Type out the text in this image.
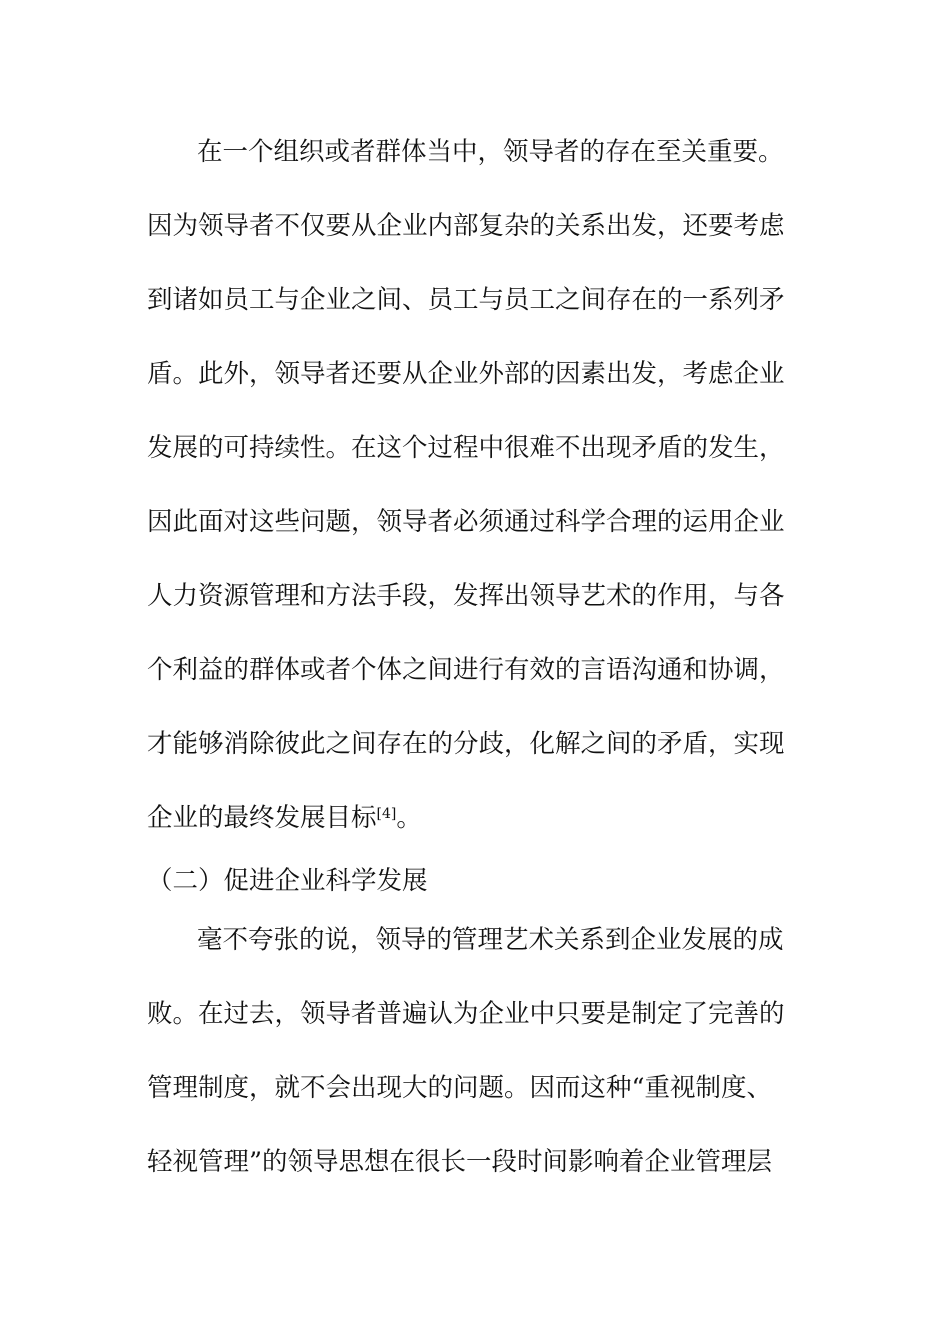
在一个组织或者群体当中，领导者的存在至关重要。
因为领导者不仅要从企业内部复杂的关系出发，还要考虑
到诸如员工与企业之间、员工与员工之间存在的一系列矛
盾。此外，领导者还要从企业外部的因素出发，考虑企业
发展的可持续性。在这个过程中很难不出现矛盾的发生，
因此面对这些问题，领导者必须通过科学合理的运用企业
人力资源管理和方法手段，发挥出领导艺术的作用，与各
个利益的群体或者个体之间进行有效的言语沟通和协调，
才能够消除彼此之间存在的分歧，化解之间的矛盾，实现
企业的最终发展目标[4]。
（二）促进企业科学发展
毫不夸张的说，领导的管理艺术关系到企业发展的成
败。在过去，领导者普遍认为企业中只要是制定了完善的
管理制度，就不会出现大的问题。因而这种“重视制度、
轻视管理”的领导思想在很长一段时间影响着企业管理层
